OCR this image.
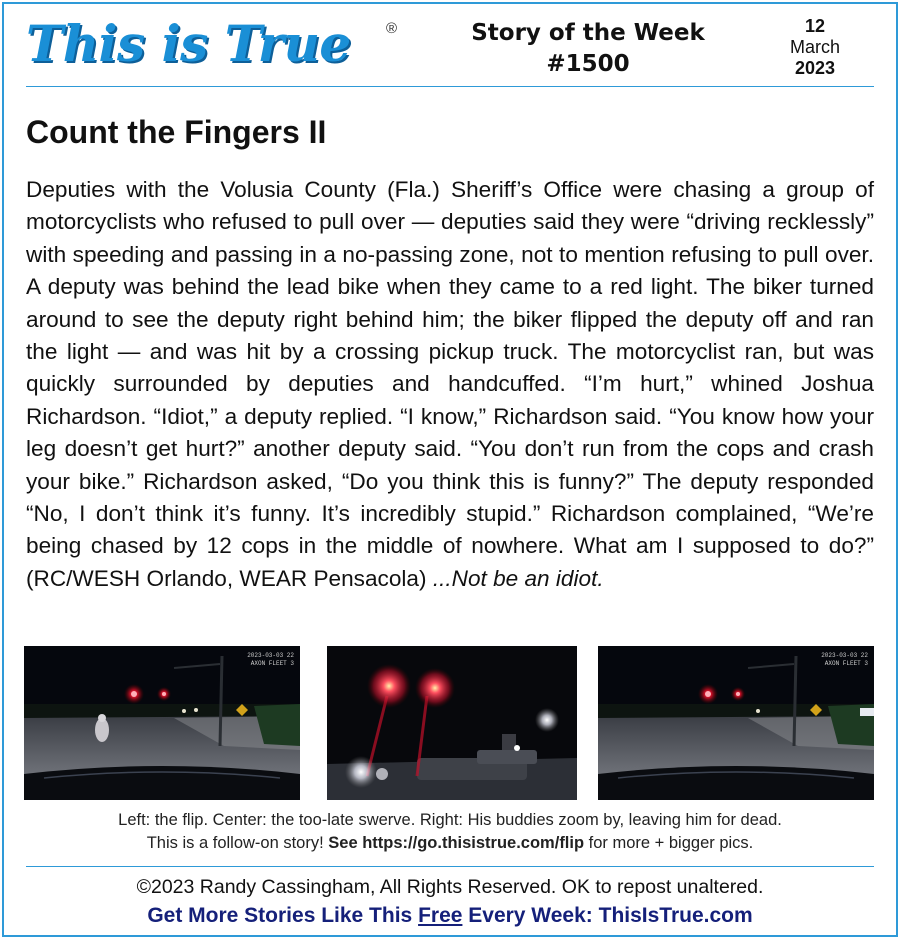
This is True ®	Story of the Week
#1500
12
March
2023
Count the Fingers II
Deputies with the Volusia County (Fla.) Sheriff’s Office were chasing a group of motorcyclists who refused to pull over — deputies said they were “driving recklessly” with speeding and passing in a no-passing zone, not to mention refusing to pull over. A deputy was behind the lead bike when they came to a red light. The biker turned around to see the deputy right behind him; the biker flipped the deputy off and ran the light — and was hit by a crossing pickup truck. The motorcyclist ran, but was quickly surrounded by deputies and handcuffed. “I’m hurt,” whined Joshua Richardson. “Idiot,” a deputy replied. “I know,” Richardson said. “You know how your leg doesn’t get hurt?” another deputy said. “You don’t run from the cops and crash your bike.” Richardson asked, “Do you think this is funny?” The deputy responded “No, I don’t think it’s funny. It’s incredibly stupid.” Richardson complained, “We’re being chased by 12 cops in the middle of nowhere. What am I supposed to do?” (RC/WESH Orlando, WEAR Pensacola) ...Not be an idiot.
2023-03-03 22
AXON FLEET 3
2023-03-03 22
AXON FLEET 3
Left: the flip. Center: the too-late swerve. Right: His buddies zoom by, leaving him for dead.
This is a follow-on story! See https://go.thisistrue.com/flip for more + bigger pics.
©2023 Randy Cassingham, All Rights Reserved. OK to repost unaltered.
Get More Stories Like This Free Every Week: ThisIsTrue.com
